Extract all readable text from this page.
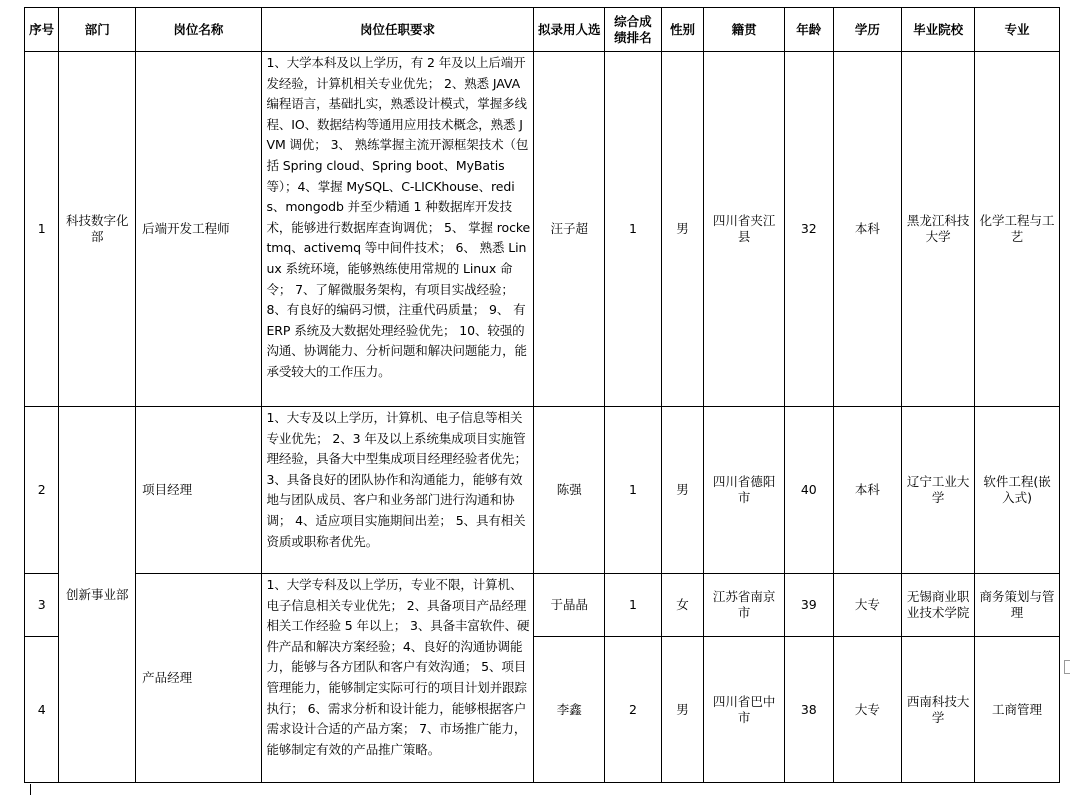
序号	部门	岗位名称	岗位任职要求	拟录用人选	综合成绩排名	性别	籍贯	年龄	学历	毕业院校	专业
1	科技数字化部	后端开发工程师	1、大学本科及以上学历，有 2 年及以上后端开发经验，计算机相关专业优先； 2、熟悉 JAVA 编程语言，基础扎实，熟悉设计模式，掌握多线程、IO、数据结构等通用应用技术概念，熟悉 JVM 调优； 3、 熟练掌握主流开源框架技术（包括 Spring cloud、Spring boot、MyBatis 等）；4、掌握 MySQL、C-LICKhouse、redis、mongodb 并至少精通 1 种数据库开发技术，能够进行数据库查询调优； 5、 掌握 rocketmq、activemq 等中间件技术； 6、 熟悉 Linux 系统环境，能够熟练使用常规的 Linux 命令； 7、了解微服务架构，有项目实战经验； 8、有良好的编码习惯，注重代码质量； 9、 有 ERP 系统及大数据处理经验优先； 10、较强的沟通、协调能力、分析问题和解决问题能力，能承受较大的工作压力。	汪子超	1	男	四川省夹江县	32	本科	黑龙江科技大学	化学工程与工艺
2	创新事业部	项目经理	1、大专及以上学历，计算机、电子信息等相关专业优先； 2、3 年及以上系统集成项目实施管理经验，具备大中型集成项目经理经验者优先； 3、具备良好的团队协作和沟通能力，能够有效地与团队成员、客户和业务部门进行沟通和协调； 4、适应项目实施期间出差； 5、具有相关资质或职称者优先。	陈强	1	男	四川省德阳市	40	本科	辽宁工业大学	软件工程(嵌入式)
3		产品经理	1、大学专科及以上学历，专业不限，计算机、电子信息相关专业优先； 2、具备项目产品经理相关工作经验 5 年以上； 3、具备丰富软件、硬件产品和解决方案经验；4、良好的沟通协调能力，能够与各方团队和客户有效沟通； 5、项目管理能力，能够制定实际可行的项目计划并跟踪执行； 6、需求分析和设计能力，能够根据客户需求设计合适的产品方案； 7、市场推广能力，能够制定有效的产品推广策略。	于晶晶	1	女	江苏省南京市	39	大专	无锡商业职业技术学院	商务策划与管理
4				李鑫	2	男	四川省巴中市	38	大专	西南科技大学	工商管理
